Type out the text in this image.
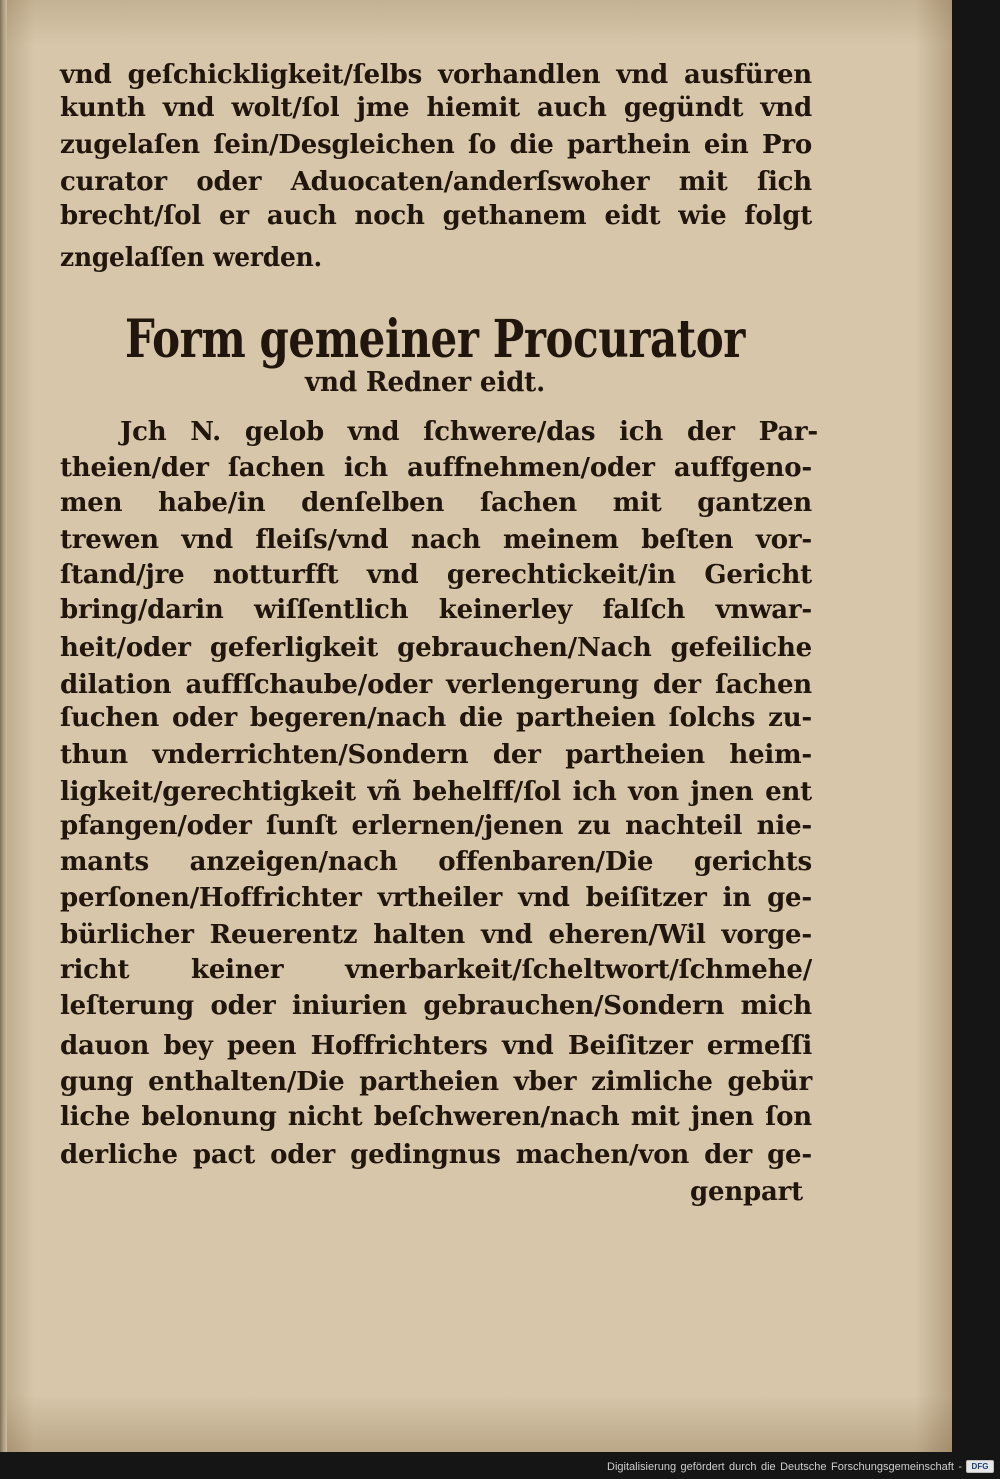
vnd geſchickligkeit/ſelbs vorhandlen vnd ausfüren
kunth vnd wolt/ſol jme hiemit auch gegündt vnd
zugelaſen ſein/Desgleichen ſo die parthein ein Pro
curator oder Aduocaten/anderſswoher mit ſich
brecht/ſol er auch noch gethanem eidt wie folgt
zngelaſſen werden.
Form gemeiner Procurator
vnd Redner eidt.
Jch N. gelob vnd ſchwere/das ich der Par-
theien/der ſachen ich auffnehmen/oder auffgeno-
men habe/in denſelben ſachen mit gantzen
trewen vnd fleiſs/vnd nach meinem beſten vor-
ſtand/jre notturfft vnd gerechtickeit/in Gericht
bring/darin wiſſentlich keinerley falſch vnwar-
heit/oder geferligkeit gebrauchen/Nach gefeiliche
dilation auffſchaube/oder verlengerung der ſachen
ſuchen oder begeren/nach die partheien ſolchs zu-
thun vnderrichten/Sondern der partheien heim-
ligkeit/gerechtigkeit vñ behelff/ſol ich von jnen ent
pfangen/oder ſunſt erlernen/jenen zu nachteil nie-
mants anzeigen/nach offenbaren/Die gerichts
perſonen/Hoffrichter vrtheiler vnd beiſitzer in ge-
bürlicher Reuerentz halten vnd eheren/Wil vorge-
richt keiner vnerbarkeit/ſcheltwort/ſchmehe/
leſterung oder iniurien gebrauchen/Sondern mich
dauon bey peen Hoffrichters vnd Beiſitzer ermeſſi
gung enthalten/Die partheien vber zimliche gebür
liche belonung nicht beſchweren/nach mit jnen ſon
derliche pact oder gedingnus machen/von der ge-
genpart
Digitalisierung gefördert durch die Deutsche Forschungsgemeinschaft -	DFG
